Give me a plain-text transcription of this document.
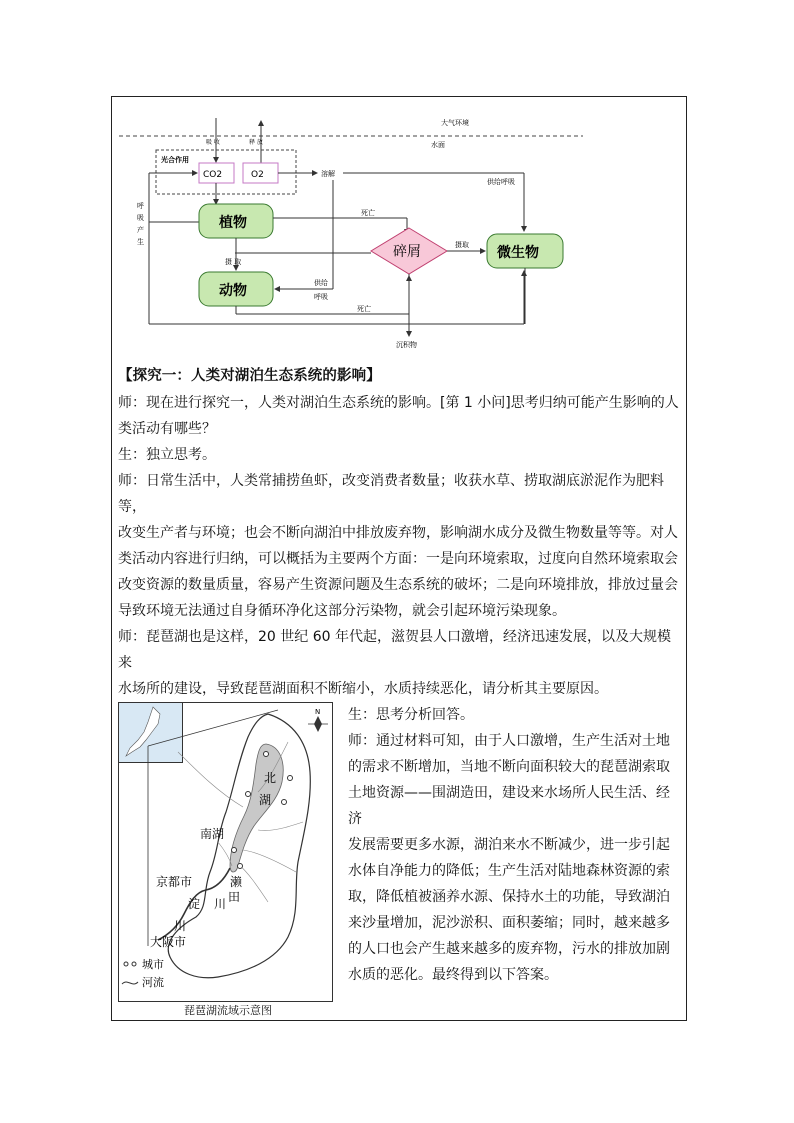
大气环境
水面
吸 收	释 放
光合作用
CO2	O2	溶解
供给呼吸
呼
吸
产
生
植物
死亡
碎屑	摄取 微生物
摄 取
动物	供给
呼吸
死亡
沉积物
【探究一：人类对湖泊生态系统的影响】
师：现在进行探究一，人类对湖泊生态系统的影响。[第 1 小问]思考归纳可能产生影响的人
类活动有哪些？
生：独立思考。
师：日常生活中，人类常捕捞鱼虾，改变消费者数量；收获水草、捞取湖底淤泥作为肥料等，
改变生产者与环境；也会不断向湖泊中排放废弃物，影响湖水成分及微生物数量等等。对人
类活动内容进行归纳，可以概括为主要两个方面：一是向环境索取，过度向自然环境索取会
改变资源的数量质量，容易产生资源问题及生态系统的破坏；二是向环境排放，排放过量会
导致环境无法通过自身循环净化这部分污染物，就会引起环境污染现象。
师：琵琶湖也是这样，20 世纪 60 年代起，滋贺县人口激增，经济迅速发展，以及大规模来
水场所的建设，导致琵琶湖面积不断缩小，水质持续恶化，请分析其主要原因。
生：思考分析回答。
师：通过材料可知，由于人口激增，生产生活对土地
的需求不断增加，当地不断向面积较大的琵琶湖索取
土地资源——围湖造田，建设来水场所人民生活、经济
发展需要更多水源，湖泊来水不断减少，进一步引起
水体自净能力的降低；生产生活对陆地森林资源的索
取，降低植被涵养水源、保持水土的功能，导致湖泊
来沙量增加，泥沙淤积、面积萎缩；同时，越来越多
的人口也会产生越来越多的废弃物，污水的排放加剧
水质的恶化。最终得到以下答案。
N
北
湖
南湖
濑
田
京都市
淀 川
川
大阪市
城市
河流
琵琶湖流域示意图
